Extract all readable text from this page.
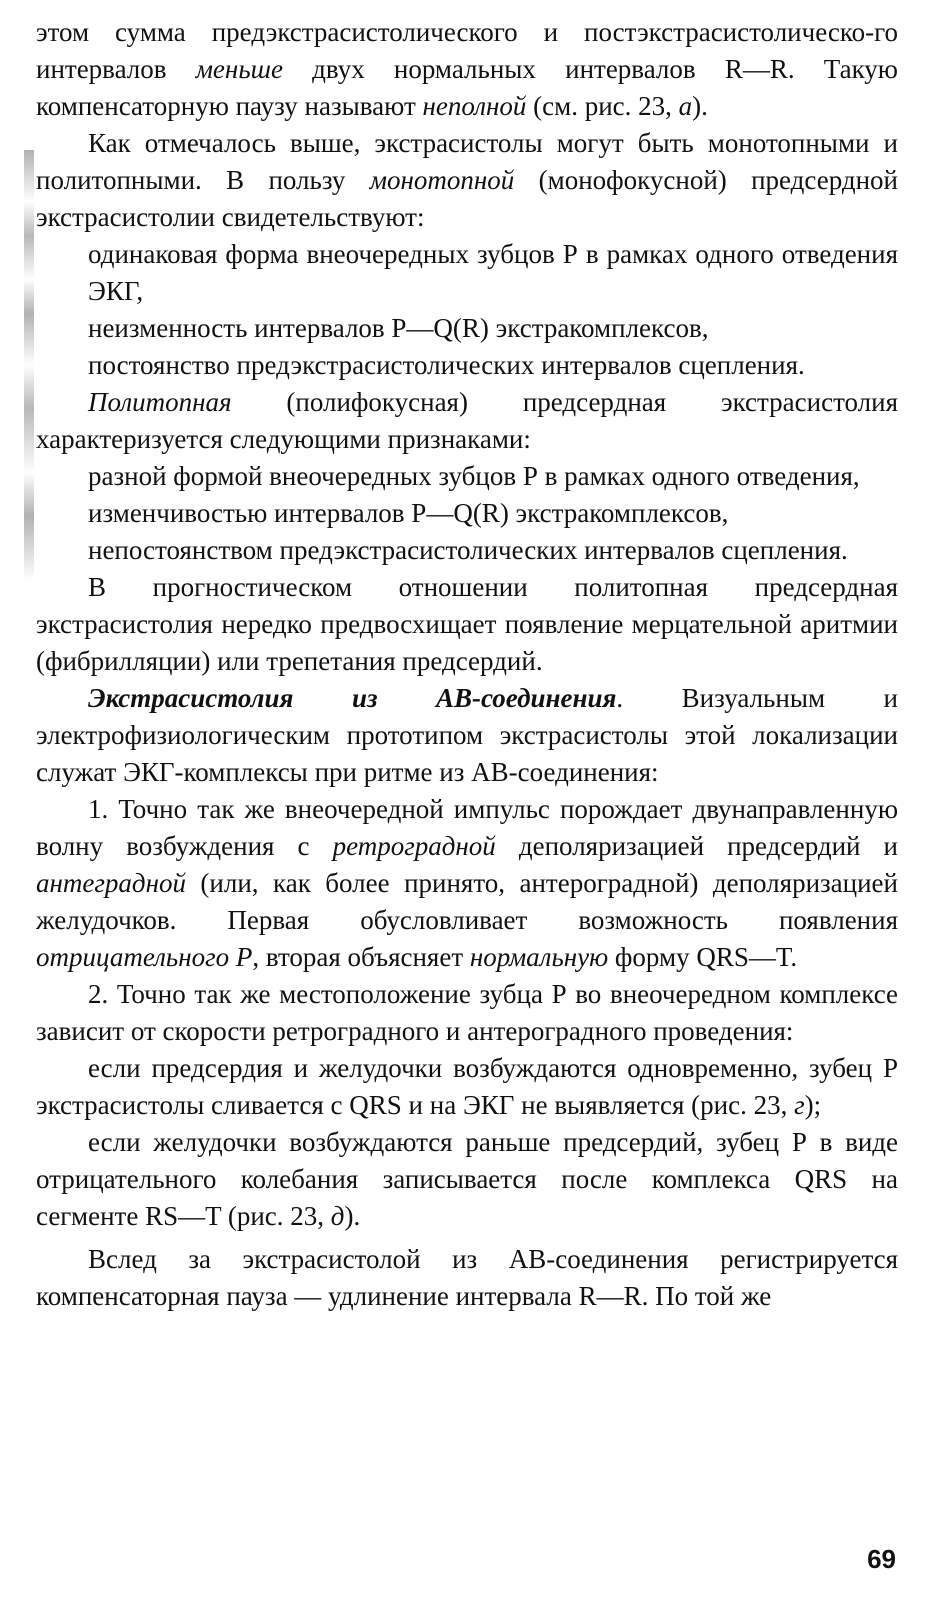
этом сумма предэкстрасистолического и постэкстрасистолическо-го интервалов меньше двух нормальных интервалов R—R. Такую компенсаторную паузу называют неполной (см. рис. 23, а).

Как отмечалось выше, экстрасистолы могут быть монотопными и политопными. В пользу монотопной (монофокусной) предсердной экстрасистолии свидетельствуют:

одинаковая форма внеочередных зубцов Р в рамках одного отведения ЭКГ,

неизменность интервалов Р—Q(R) экстракомплексов,

постоянство предэкстрасистолических интервалов сцепления.

Политопная (полифокусная) предсердная экстрасистолия характеризуется следующими признаками:

разной формой внеочередных зубцов Р в рамках одного отведения,

изменчивостью интервалов Р—Q(R) экстракомплексов,

непостоянством предэкстрасистолических интервалов сцепления.

В прогностическом отношении политопная предсердная экстрасистолия нередко предвосхищает появление мерцательной аритмии (фибрилляции) или трепетания предсердий.

Экстрасистолия из АВ-соединения. Визуальным и электрофизиологическим прототипом экстрасистолы этой локализации служат ЭКГ-комплексы при ритме из АВ-соединения:

1. Точно так же внеочередной импульс порождает двунаправленную волну возбуждения с ретроградной деполяризацией предсердий и антеградной (или, как более принято, антероградной) деполяризацией желудочков. Первая обусловливает возможность появления отрицательного Р, вторая объясняет нормальную форму QRS—T.

2. Точно так же местоположение зубца Р во внеочередном комплексе зависит от скорости ретроградного и антероградного проведения:

если предсердия и желудочки возбуждаются одновременно, зубец Р экстрасистолы сливается с QRS и на ЭКГ не выявляется (рис. 23, г);

если желудочки возбуждаются раньше предсердий, зубец Р в виде отрицательного колебания записывается после комплекса QRS на сегменте RS—T (рис. 23, д).

Вслед за экстрасистолой из АВ-соединения регистрируется компенсаторная пауза — удлинение интервала R—R. По той же

69
